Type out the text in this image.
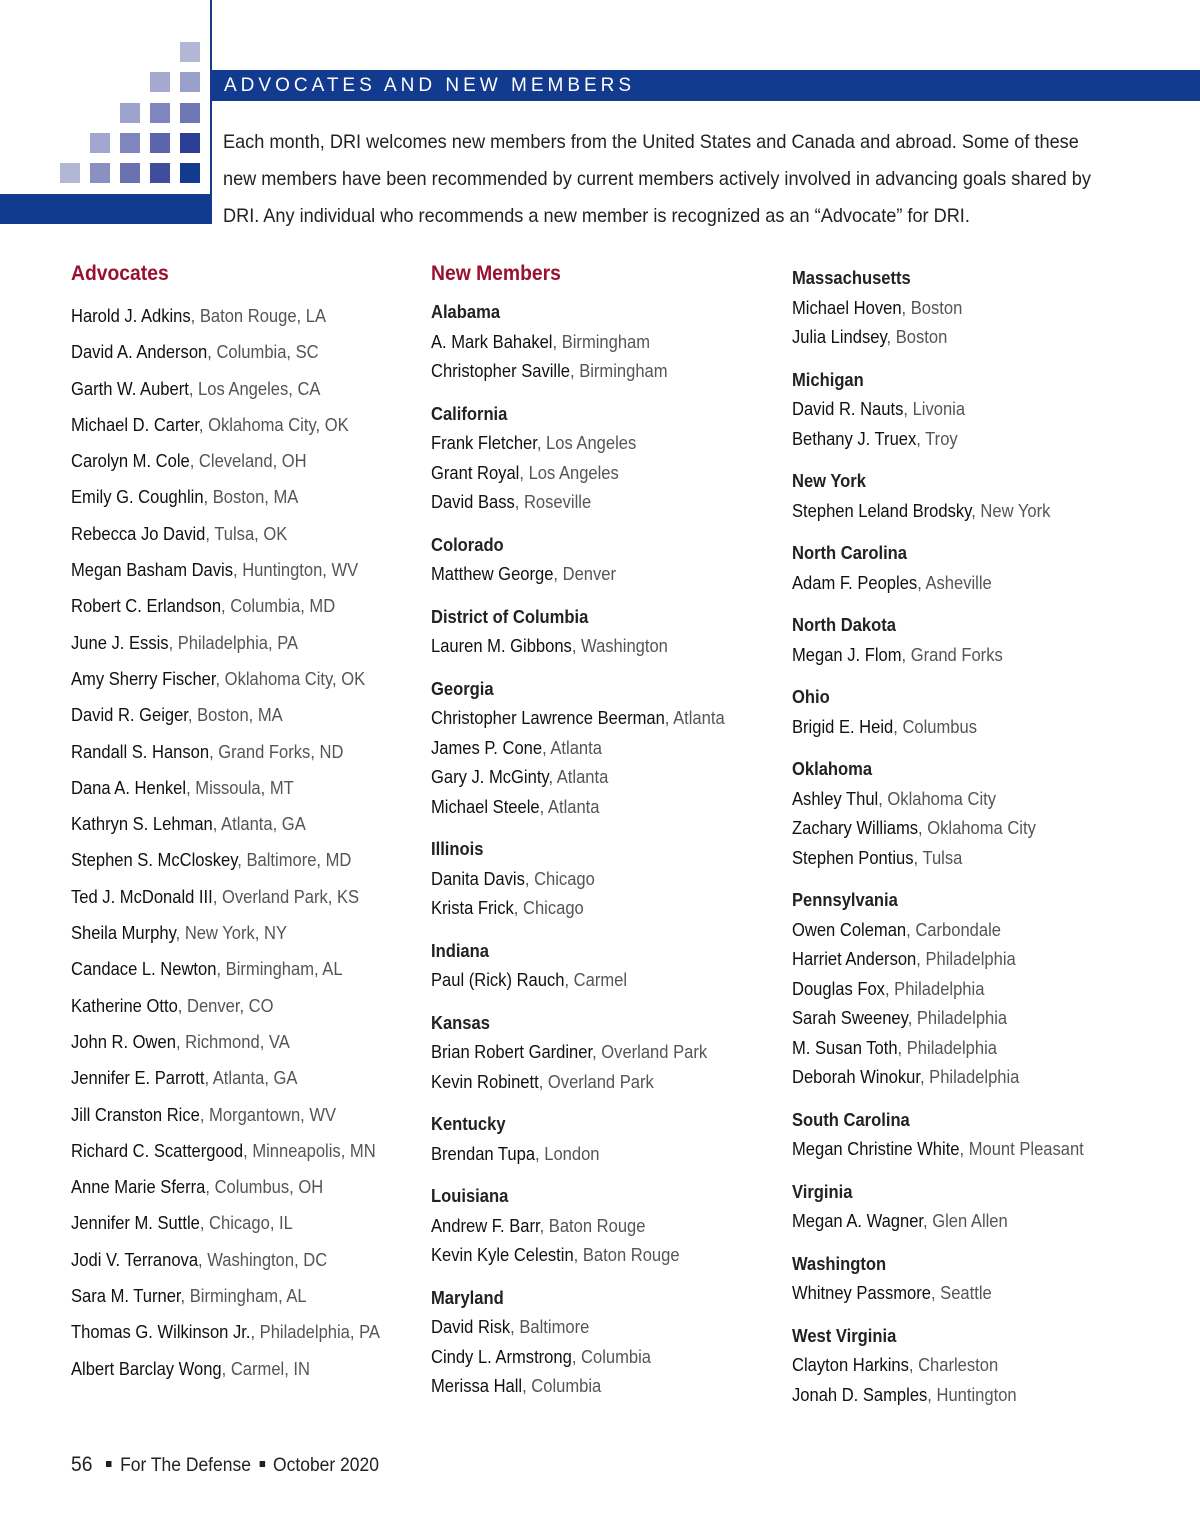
ADVOCATES AND NEW MEMBERS
Each month, DRI welcomes new members from the United States and Canada and abroad. Some of these new members have been recommended by current members actively involved in advancing goals shared by DRI. Any individual who recommends a new member is recognized as an “Advocate” for DRI.
Advocates
Harold J. Adkins, Baton Rouge, LA
David A. Anderson, Columbia, SC
Garth W. Aubert, Los Angeles, CA
Michael D. Carter, Oklahoma City, OK
Carolyn M. Cole, Cleveland, OH
Emily G. Coughlin, Boston, MA
Rebecca Jo David, Tulsa, OK
Megan Basham Davis, Huntington, WV
Robert C. Erlandson, Columbia, MD
June J. Essis, Philadelphia, PA
Amy Sherry Fischer, Oklahoma City, OK
David R. Geiger, Boston, MA
Randall S. Hanson, Grand Forks, ND
Dana A. Henkel, Missoula, MT
Kathryn S. Lehman, Atlanta, GA
Stephen S. McCloskey, Baltimore, MD
Ted J. McDonald III, Overland Park, KS
Sheila Murphy, New York, NY
Candace L. Newton, Birmingham, AL
Katherine Otto, Denver, CO
John R. Owen, Richmond, VA
Jennifer E. Parrott, Atlanta, GA
Jill Cranston Rice, Morgantown, WV
Richard C. Scattergood, Minneapolis, MN
Anne Marie Sferra, Columbus, OH
Jennifer M. Suttle, Chicago, IL
Jodi V. Terranova, Washington, DC
Sara M. Turner, Birmingham, AL
Thomas G. Wilkinson Jr., Philadelphia, PA
Albert Barclay Wong, Carmel, IN
New Members
Alabama
A. Mark Bahakel, Birmingham
Christopher Saville, Birmingham
California
Frank Fletcher, Los Angeles
Grant Royal, Los Angeles
David Bass, Roseville
Colorado
Matthew George, Denver
District of Columbia
Lauren M. Gibbons, Washington
Georgia
Christopher Lawrence Beerman, Atlanta
James P. Cone, Atlanta
Gary J. McGinty, Atlanta
Michael Steele, Atlanta
Illinois
Danita Davis, Chicago
Krista Frick, Chicago
Indiana
Paul (Rick) Rauch, Carmel
Kansas
Brian Robert Gardiner, Overland Park
Kevin Robinett, Overland Park
Kentucky
Brendan Tupa, London
Louisiana
Andrew F. Barr, Baton Rouge
Kevin Kyle Celestin, Baton Rouge
Maryland
David Risk, Baltimore
Cindy L. Armstrong, Columbia
Merissa Hall, Columbia
Massachusetts
Michael Hoven, Boston
Julia Lindsey, Boston
Michigan
David R. Nauts, Livonia
Bethany J. Truex, Troy
New York
Stephen Leland Brodsky, New York
North Carolina
Adam F. Peoples, Asheville
North Dakota
Megan J. Flom, Grand Forks
Ohio
Brigid E. Heid, Columbus
Oklahoma
Ashley Thul, Oklahoma City
Zachary Williams, Oklahoma City
Stephen Pontius, Tulsa
Pennsylvania
Owen Coleman, Carbondale
Harriet Anderson, Philadelphia
Douglas Fox, Philadelphia
Sarah Sweeney, Philadelphia
M. Susan Toth, Philadelphia
Deborah Winokur, Philadelphia
South Carolina
Megan Christine White, Mount Pleasant
Virginia
Megan A. Wagner, Glen Allen
Washington
Whitney Passmore, Seattle
West Virginia
Clayton Harkins, Charleston
Jonah D. Samples, Huntington
56 For The Defense October 2020
